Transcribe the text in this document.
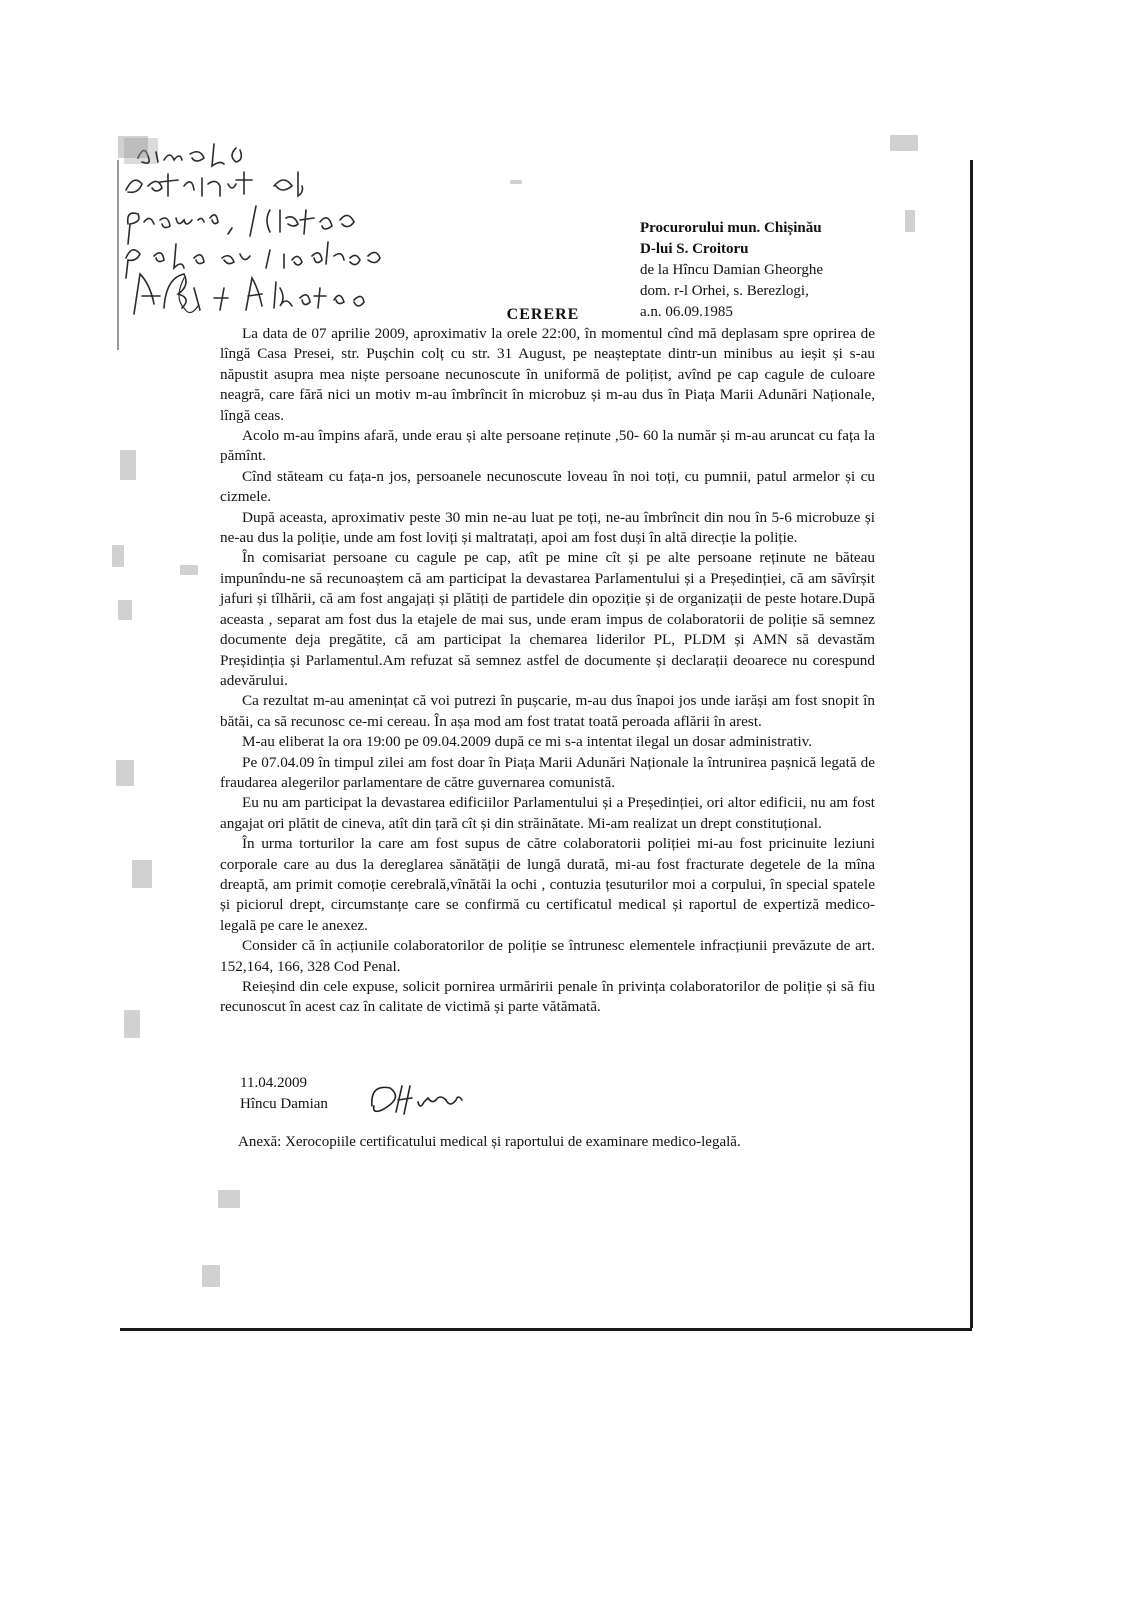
Procurorului mun. Chișinău
D-lui S. Croitoru
de la Hîncu Damian Gheorghe
dom. r-l Orhei, s. Berezlogi,
a.n. 06.09.1985
CERERE

La data de 07 aprilie 2009, aproximativ la orele 22:00, în momentul cînd mă deplasam spre oprirea de lîngă Casa Presei, str. Pușchin colț cu str. 31 August, pe neașteptate dintr-un minibus au ieșit și s-au năpustit asupra mea niște persoane necunoscute în uniformă de polițist, avînd pe cap cagule de culoare neagră, care fără nici un motiv m-au îmbrîncit în microbuz și m-au dus în Piața Marii Adunări Naționale, lîngă ceas.

Acolo m-au împins afară, unde erau și alte persoane reținute ,50- 60 la număr și m-au aruncat cu fața la pămînt.

Cînd stăteam cu fața-n jos, persoanele necunoscute loveau în noi toți, cu pumnii, patul armelor și cu cizmele.

După aceasta, aproximativ peste 30 min ne-au luat pe toți, ne-au îmbrîncit din nou în 5-6 microbuze și ne-au dus la poliție, unde am fost loviți și maltratați, apoi am fost duși în altă direcție la poliție.

În comisariat persoane cu cagule pe cap, atît pe mine cît și pe alte persoane reținute ne băteau impunîndu-ne să recunoaștem că am participat la devastarea Parlamentului și a Președinției, că am săvîrșit jafuri și tîlhării, că am fost angajați și plătiți de partidele din opoziție și de organizații de peste hotare.După aceasta , separat am fost dus la etajele de mai sus, unde eram impus de colaboratorii de poliție să semnez documente deja pregătite, că am participat la chemarea liderilor PL, PLDM și AMN să devastăm Preșidinția și Parlamentul.Am refuzat să semnez astfel de documente și declarații deoarece nu corespund adevărului.

Ca rezultat m-au amenințat că voi putrezi în pușcarie, m-au dus înapoi jos unde iarăși am fost snopit în bătăi, ca să recunosc ce-mi cereau. În așa mod am fost tratat toată peroada aflării în arest.

M-au eliberat la ora 19:00 pe 09.04.2009 după ce mi s-a intentat ilegal un dosar administrativ.

Pe 07.04.09 în timpul zilei am fost doar în Piața Marii Adunări Naționale la întrunirea pașnică legată de fraudarea alegerilor parlamentare de către guvernarea comunistă.

Eu nu am participat la devastarea edificiilor Parlamentului și a Președinției, ori altor edificii, nu am fost angajat ori plătit de cineva, atît din țară cît și din străinătate. Mi-am realizat un drept constituțional.

În urma torturilor la care am fost supus de către colaboratorii poliției mi-au fost pricinuite leziuni corporale care au dus la dereglarea sănătății de lungă durată, mi-au fost fracturate degetele de la mîna dreaptă, am primit comoție cerebrală,vînătăi la ochi , contuzia țesuturilor moi a corpului, în special spatele și piciorul drept, circumstanțe care se confirmă cu certificatul medical și raportul de expertiză medico-legală pe care le anexez.

Consider că în acțiunile colaboratorilor de poliție se întrunesc elementele infracțiunii prevăzute de art. 152,164, 166, 328 Cod Penal.

Reieșind din cele expuse, solicit pornirea urmăririi penale în privința colaboratorilor de poliție și să fiu recunoscut în acest caz în calitate de victimă și parte vătămată.

11.04.2009
Hîncu Damian
Anexă: Xerocopiile certificatului medical și raportului de examinare medico-legală.
